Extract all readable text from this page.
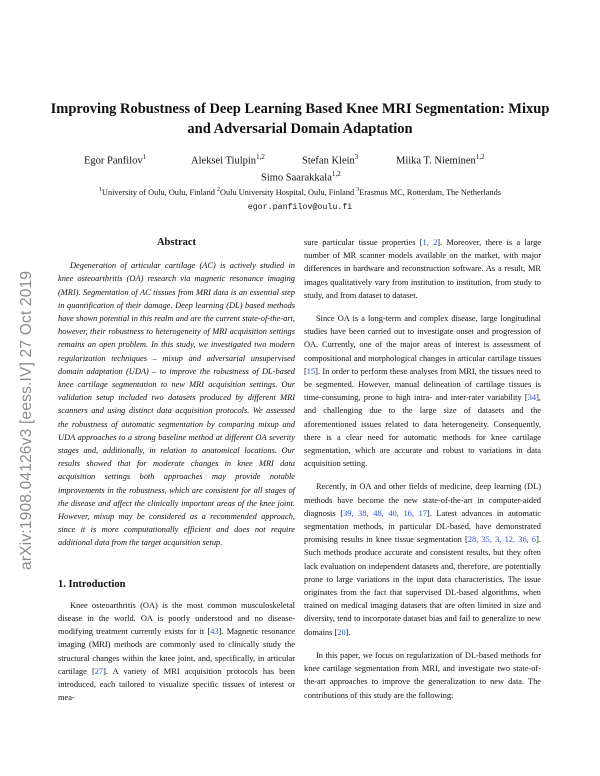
arXiv:1908.04126v3 [eess.IV] 27 Oct 2019
Improving Robustness of Deep Learning Based Knee MRI Segmentation: Mixup and Adversarial Domain Adaptation
Egor Panfilov$^1$	Aleksei Tiulpin$^{1,2}$	Stefan Klein$^3$	Miika T. Nieminen$^{1,2}$
Simo Saarakkala$^{1,2}$
$^1$University of Oulu, Oulu, Finland $^2$Oulu University Hospital, Oulu, Finland $^3$Erasmus MC, Rotterdam, The Netherlands
egor.panfilov@oulu.fi
Abstract

Degeneration of articular cartilage (AC) is actively studied in knee osteoarthritis (OA) research via magnetic resonance imaging (MRI). Segmentation of AC tissues from MRI data is an essential step in quantification of their damage. Deep learning (DL) based methods have shown potential in this realm and are the current state-of-the-art, however, their robustness to heterogeneity of MRI acquisition settings remains an open problem. In this study, we investigated two modern regularization techniques – mixup and adversarial unsupervised domain adaptation (UDA) – to improve the robustness of DL-based knee cartilage segmentation to new MRI acquisition settings. Our validation setup included two datasets produced by different MRI scanners and using distinct data acquisition protocols. We assessed the robustness of automatic segmentation by comparing mixup and UDA approaches to a strong baseline method at different OA severity stages and, additionally, in relation to anatomical locations. Our results showed that for moderate changes in knee MRI data acquisition settings both approaches may provide notable improvements in the robustness, which are consistent for all stages of the disease and affect the clinically important areas of the knee joint. However, mixup may be considered as a recommended approach, since it is more computationally efficient and does not require additional data from the target acquisition setup.

1. Introduction

Knee osteoarthritis (OA) is the most common musculoskeletal disease in the world. OA is poorly understood and no disease-modifying treatment currently exists for it [43]. Magnetic resonance imaging (MRI) methods are commonly used to clinically study the structural changes within the knee joint, and, specifically, in articular cartilage [27]. A variety of MRI acquisition protocols has been introduced, each tailored to visualize specific tissues of interest or mea-

sure particular tissue properties [1, 2]. Moreover, there is a large number of MR scanner models available on the market, with major differences in hardware and reconstruction software. As a result, MR images qualitatively vary from institution to institution, from study to study, and from dataset to dataset.

Since OA is a long-term and complex disease, large longitudinal studies have been carried out to investigate onset and progression of OA. Currently, one of the major areas of interest is assessment of compositional and morphological changes in articular cartilage tissues [15]. In order to perform these analyses from MRI, the tissues need to be segmented. However, manual delineation of cartilage tissues is time-consuming, prone to high intra- and inter-rater variability [34], and challenging due to the large size of datasets and the aforementioned issues related to data heterogeneity. Consequently, there is a clear need for automatic methods for knee cartilage segmentation, which are accurate and robust to variations in data acquisition setting.

Recently, in OA and other fields of medicine, deep learning (DL) methods have become the new state-of-the-art in computer-aided diagnosis [39, 38, 48, 40, 16, 17]. Latest advances in automatic segmentation methods, in particular DL-based, have demonstrated promising results in knee tissue segmentation [28, 35, 3, 12, 36, 6]. Such methods produce accurate and consistent results, but they often lack evaluation on independent datasets and, therefore, are potentially prone to large variations in the input data characteristics. The issue originates from the fact that supervised DL-based algorithms, when trained on medical imaging datasets that are often limited in size and diversity, tend to incorporate dataset bias and fail to generalize to new domains [20].

In this paper, we focus on regularization of DL-based methods for knee cartilage segmentation from MRI, and investigate two state-of-the-art approaches to improve the generalization to new data. The contributions of this study are the following:
